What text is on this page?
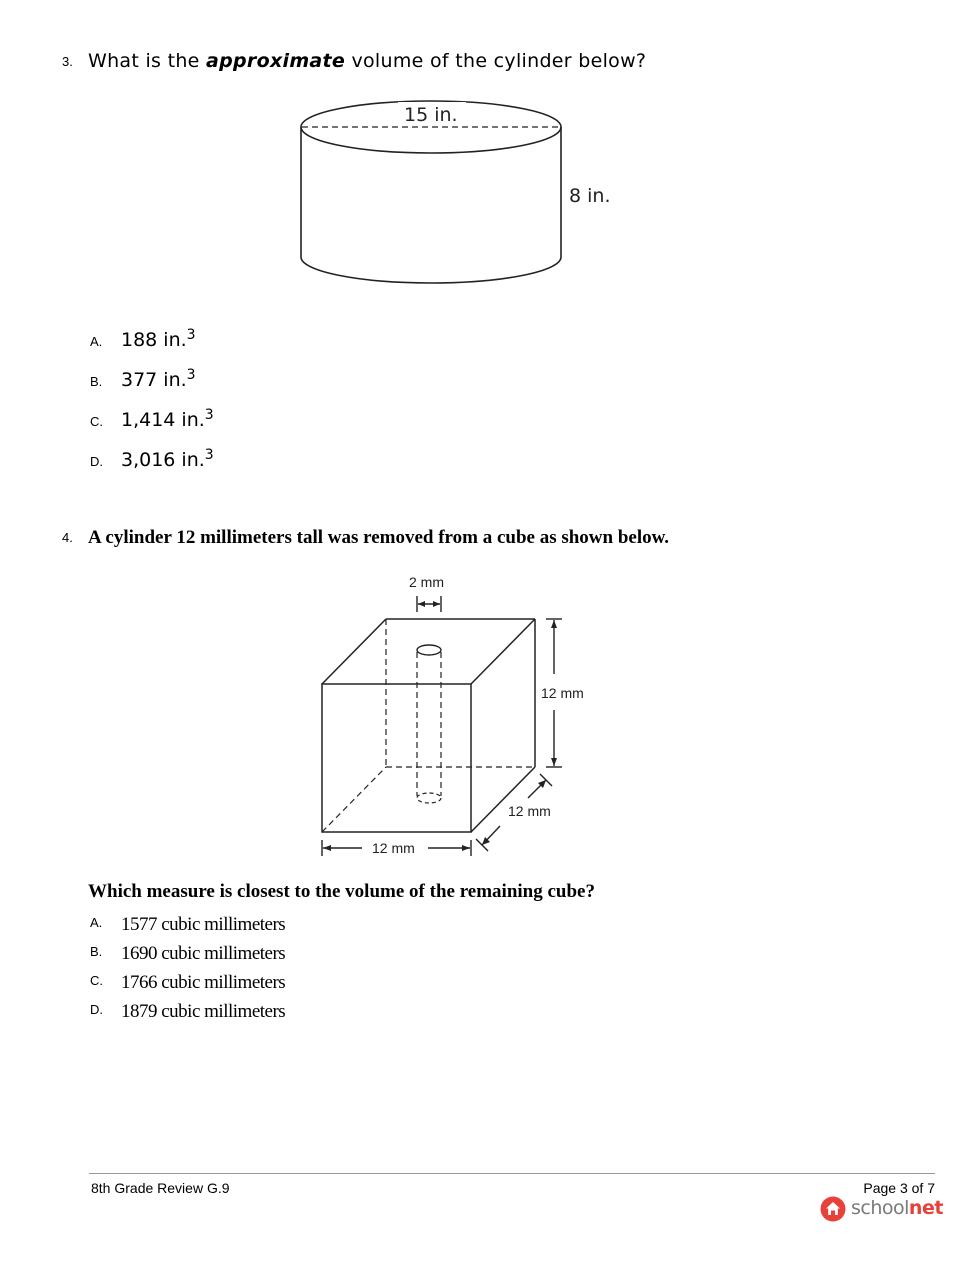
3. What is the approximate volume of the cylinder below?
15 in.
8 in.
A. 188 in.$^3$
B. 377 in.$^3$
C. 1,414 in.$^3$
D. 3,016 in.$^3$
4. A cylinder 12 millimeters tall was removed from a cube as shown below.
2 mm
12 mm
12 mm
12 mm
Which measure is closest to the volume of the remaining cube?
A. 1577 cubic millimeters
B. 1690 cubic millimeters
C. 1766 cubic millimeters
D. 1879 cubic millimeters
8th Grade Review G.9	Page 3 of 7
schoolnet
